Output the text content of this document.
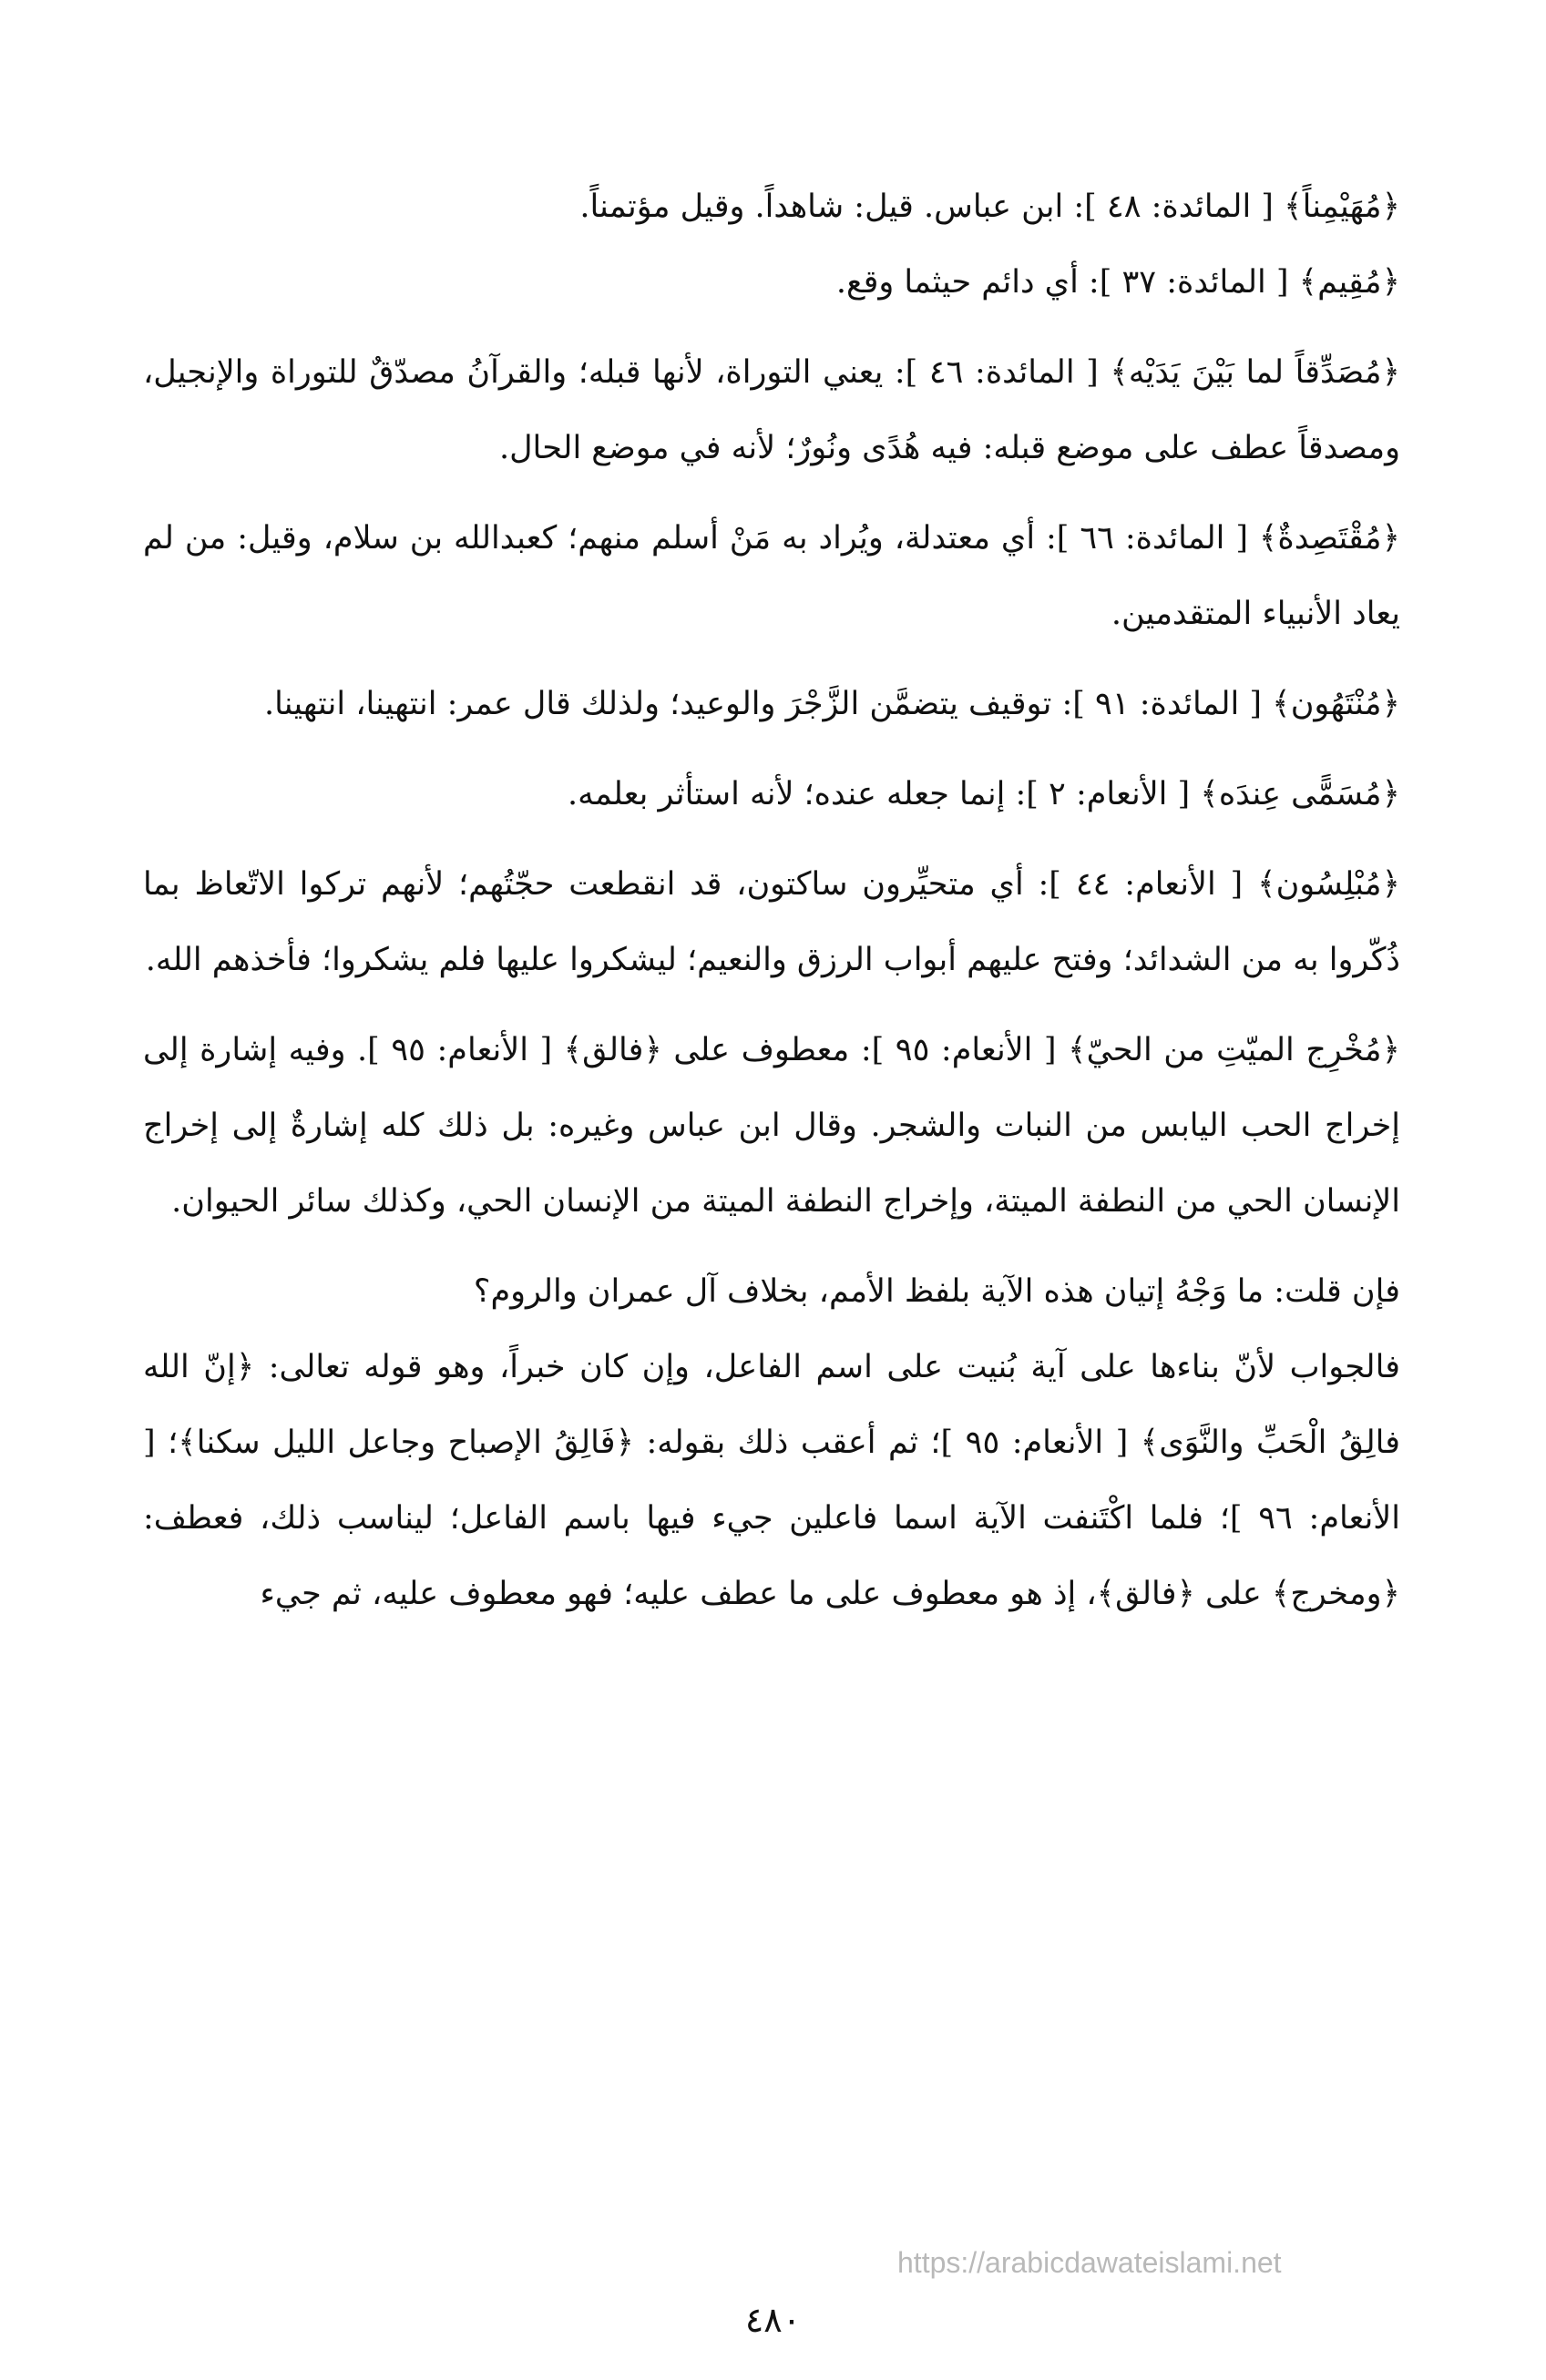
﴿مُهَيْمِناً﴾ [ المائدة: ٤٨ ]: ابن عباس. قيل: شاهداً. وقيل مؤتمناً.

﴿مُقِيم﴾ [ المائدة: ٣٧ ]: أي دائم حيثما وقع.

﴿مُصَدِّقاً لما بَيْنَ يَدَيْه﴾ [ المائدة: ٤٦ ]: يعني التوراة، لأنها قبله؛ والقرآنُ مصدّقٌ للتوراة والإنجيل، ومصدقاً عطف على موضع قبله: فيه هُدًى ونُورٌ؛ لأنه في موضع الحال.

﴿مُقْتَصِدةٌ﴾ [ المائدة: ٦٦ ]: أي معتدلة، ويُراد به مَنْ أسلم منهم؛ كعبدالله بن سلام، وقيل: من لم يعاد الأنبياء المتقدمين.

﴿مُنْتَهُون﴾ [ المائدة: ٩١ ]: توقيف يتضمَّن الزَّجْرَ والوعيد؛ ولذلك قال عمر: انتهينا، انتهينا.

﴿مُسَمًّى عِندَه﴾ [ الأنعام: ٢ ]: إنما جعله عنده؛ لأنه استأثر بعلمه.

﴿مُبْلِسُون﴾ [ الأنعام: ٤٤ ]: أي متحيِّرون ساكتون، قد انقطعت حجّتُهم؛ لأنهم تركوا الاتّعاظ بما ذُكّروا به من الشدائد؛ وفتح عليهم أبواب الرزق والنعيم؛ ليشكروا عليها فلم يشكروا؛ فأخذهم الله.

﴿مُخْرِج الميّتِ من الحيّ﴾ [ الأنعام: ٩٥ ]: معطوف على ﴿فالق﴾ [ الأنعام: ٩٥ ]. وفيه إشارة إلى إخراج الحب اليابس من النبات والشجر. وقال ابن عباس وغيره: بل ذلك كله إشارةٌ إلى إخراج الإنسان الحي من النطفة الميتة، وإخراج النطفة الميتة من الإنسان الحي، وكذلك سائر الحيوان.

فإن قلت: ما وَجْهُ إتيان هذه الآية بلفظ الأمم، بخلاف آل عمران والروم؟

فالجواب لأنّ بناءها على آية بُنيت على اسم الفاعل، وإن كان خبراً، وهو قوله تعالى: ﴿إنّ الله فالِقُ الْحَبِّ والنَّوَى﴾ [ الأنعام: ٩٥ ]؛ ثم أعقب ذلك بقوله: ﴿فَالِقُ الإصباح وجاعل الليل سكنا﴾؛ [ الأنعام: ٩٦ ]؛ فلما اكْتَنفت الآية اسما فاعلين جيء فيها باسم الفاعل؛ ليناسب ذلك، فعطف: ﴿ومخرج﴾ على ﴿فالق﴾، إذ هو معطوف على ما عطف عليه؛ فهو معطوف عليه، ثم جيء

https://arabicdawateislami.net
٤٨٠
